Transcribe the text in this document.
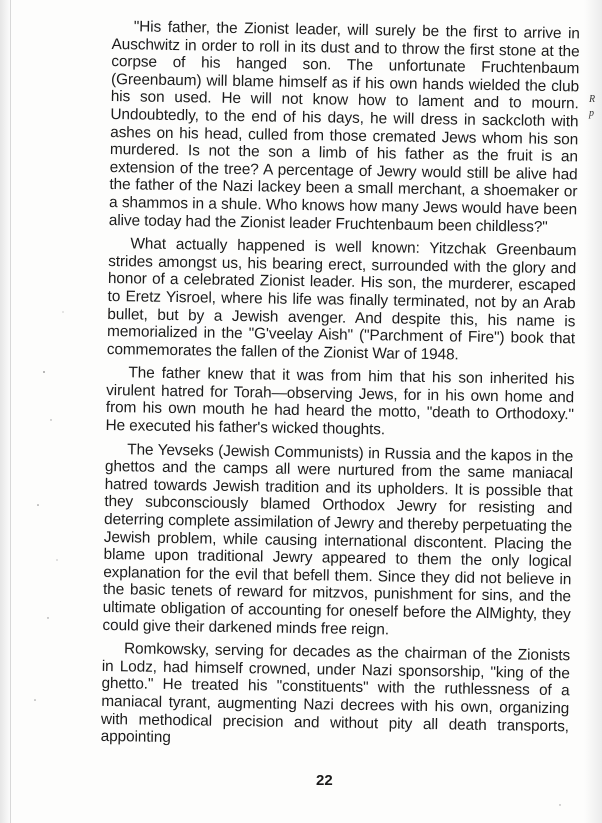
R
p

"His father, the Zionist leader, will surely be the first to arrive in Auschwitz in order to roll in its dust and to throw the first stone at the corpse of his hanged son. The unfortunate Fruchtenbaum (Greenbaum) will blame himself as if his own hands wielded the club his son used. He will not know how to lament and to mourn. Undoubtedly, to the end of his days, he will dress in sackcloth with ashes on his head, culled from those cremated Jews whom his son murdered. Is not the son a limb of his father as the fruit is an extension of the tree? A percentage of Jewry would still be alive had the father of the Nazi lackey been a small merchant, a shoemaker or a shammos in a shule. Who knows how many Jews would have been alive today had the Zionist leader Fruchtenbaum been childless?"

What actually happened is well known: Yitzchak Greenbaum strides amongst us, his bearing erect, surrounded with the glory and honor of a celebrated Zionist leader. His son, the murderer, escaped to Eretz Yisroel, where his life was finally terminated, not by an Arab bullet, but by a Jewish avenger. And despite this, his name is memorialized in the "G'veelay Aish" ("Parchment of Fire") book that commemorates the fallen of the Zionist War of 1948.

The father knew that it was from him that his son inherited his virulent hatred for Torah—observing Jews, for in his own home and from his own mouth he had heard the motto, "death to Orthodoxy." He executed his father's wicked thoughts.

The Yevseks (Jewish Communists) in Russia and the kapos in the ghettos and the camps all were nurtured from the same maniacal hatred towards Jewish tradition and its upholders. It is possible that they subconsciously blamed Orthodox Jewry for resisting and deterring complete assimilation of Jewry and thereby perpetuating the Jewish problem, while causing international discontent. Placing the blame upon traditional Jewry appeared to them the only logical explanation for the evil that befell them. Since they did not believe in the basic tenets of reward for mitzvos, punishment for sins, and the ultimate obligation of accounting for oneself before the AlMighty, they could give their darkened minds free reign.

Romkowsky, serving for decades as the chairman of the Zionists in Lodz, had himself crowned, under Nazi sponsorship, "king of the ghetto." He treated his "constituents" with the ruthlessness of a maniacal tyrant, augmenting Nazi decrees with his own, organizing with methodical precision and without pity all death transports, appointing

22
